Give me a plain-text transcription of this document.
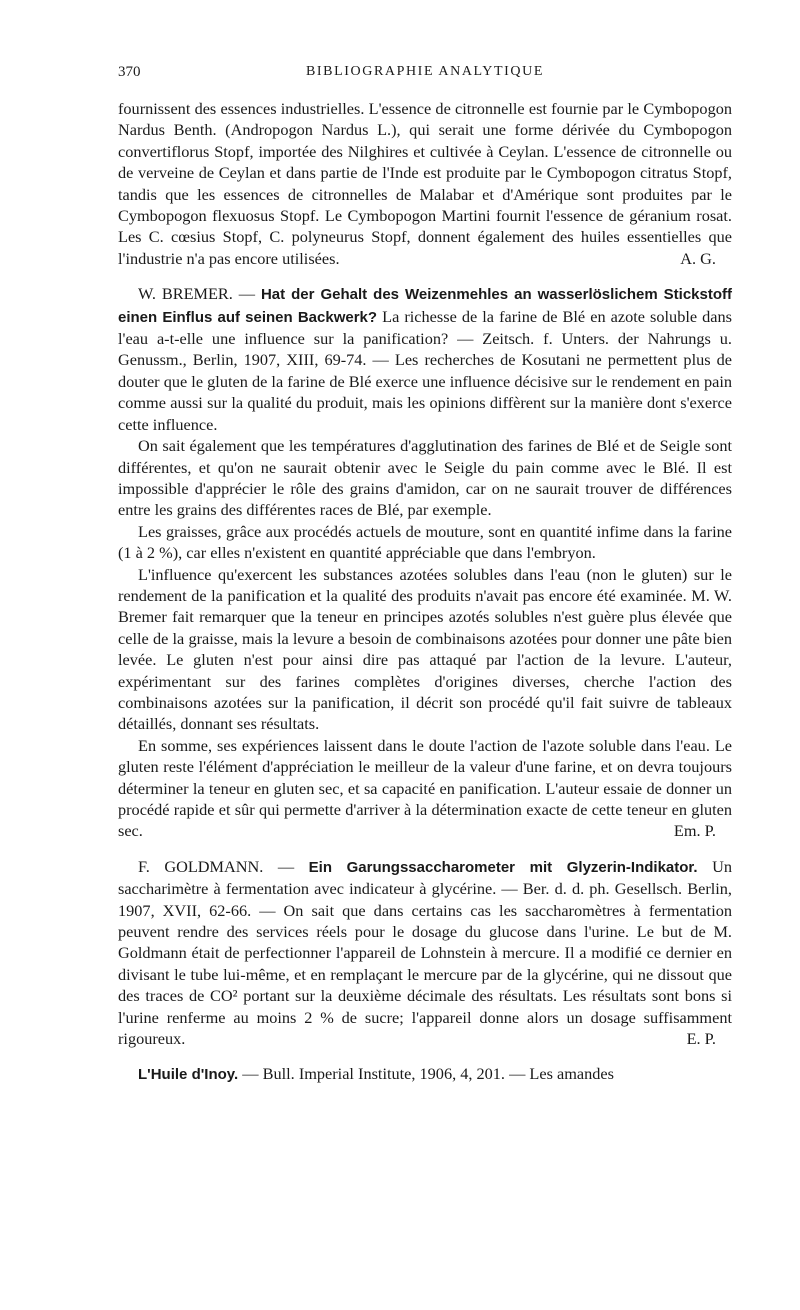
370	BIBLIOGRAPHIE ANALYTIQUE

fournissent des essences industrielles. L'essence de citronnelle est fournie par le Cymbopogon Nardus Benth. (Andropogon Nardus L.), qui serait une forme dérivée du Cymbopogon convertiflorus Stopf, importée des Nilghires et cultivée à Ceylan. L'essence de citronnelle ou de verveine de Ceylan et dans partie de l'Inde est produite par le Cymbopogon citratus Stopf, tandis que les essences de citronnelles de Malabar et d'Amérique sont produites par le Cymbopogon flexuosus Stopf. Le Cymbopogon Martini fournit l'essence de géranium rosat. Les C. cœsius Stopf, C. polyneurus Stopf, donnent également des huiles essentielles que l'industrie n'a pas encore utilisées.	A. G.

W. BREMER. — Hat der Gehalt des Weizenmehles an wasserlöslichem Stickstoff einen Einflus auf seinen Backwerk? La richesse de la farine de Blé en azote soluble dans l'eau a-t-elle une influence sur la panification? — Zeitsch. f. Unters. der Nahrungs u. Genussm., Berlin, 1907, XIII, 69-74. — Les recherches de Kosutani ne permettent plus de douter que le gluten de la farine de Blé exerce une influence décisive sur le rendement en pain comme aussi sur la qualité du produit, mais les opinions diffèrent sur la manière dont s'exerce cette influence.

On sait également que les températures d'agglutination des farines de Blé et de Seigle sont différentes, et qu'on ne saurait obtenir avec le Seigle du pain comme avec le Blé. Il est impossible d'apprécier le rôle des grains d'amidon, car on ne saurait trouver de différences entre les grains des différentes races de Blé, par exemple.

Les graisses, grâce aux procédés actuels de mouture, sont en quantité infime dans la farine (1 à 2 %), car elles n'existent en quantité appréciable que dans l'embryon.

L'influence qu'exercent les substances azotées solubles dans l'eau (non le gluten) sur le rendement de la panification et la qualité des produits n'avait pas encore été examinée. M. W. Bremer fait remarquer que la teneur en principes azotés solubles n'est guère plus élevée que celle de la graisse, mais la levure a besoin de combinaisons azotées pour donner une pâte bien levée. Le gluten n'est pour ainsi dire pas attaqué par l'action de la levure. L'auteur, expérimentant sur des farines complètes d'origines diverses, cherche l'action des combinaisons azotées sur la panification, il décrit son procédé qu'il fait suivre de tableaux détaillés, donnant ses résultats.

En somme, ses expériences laissent dans le doute l'action de l'azote soluble dans l'eau. Le gluten reste l'élément d'appréciation le meilleur de la valeur d'une farine, et on devra toujours déterminer la teneur en gluten sec, et sa capacité en panification. L'auteur essaie de donner un procédé rapide et sûr qui permette d'arriver à la détermination exacte de cette teneur en gluten sec.	Em. P.

F. GOLDMANN. — Ein Garungssaccharometer mit Glyzerin-Indikator. Un saccharimètre à fermentation avec indicateur à glycérine. — Ber. d. d. ph. Gesellsch. Berlin, 1907, XVII, 62-66. — On sait que dans certains cas les saccharomètres à fermentation peuvent rendre des services réels pour le dosage du glucose dans l'urine. Le but de M. Goldmann était de perfectionner l'appareil de Lohnstein à mercure. Il a modifié ce dernier en divisant le tube lui-même, et en remplaçant le mercure par de la glycérine, qui ne dissout que des traces de CO² portant sur la deuxième décimale des résultats. Les résultats sont bons si l'urine renferme au moins 2 % de sucre; l'appareil donne alors un dosage suffisamment rigoureux.	E. P.

L'Huile d'Inoy. — Bull. Imperial Institute, 1906, 4, 201. — Les amandes
